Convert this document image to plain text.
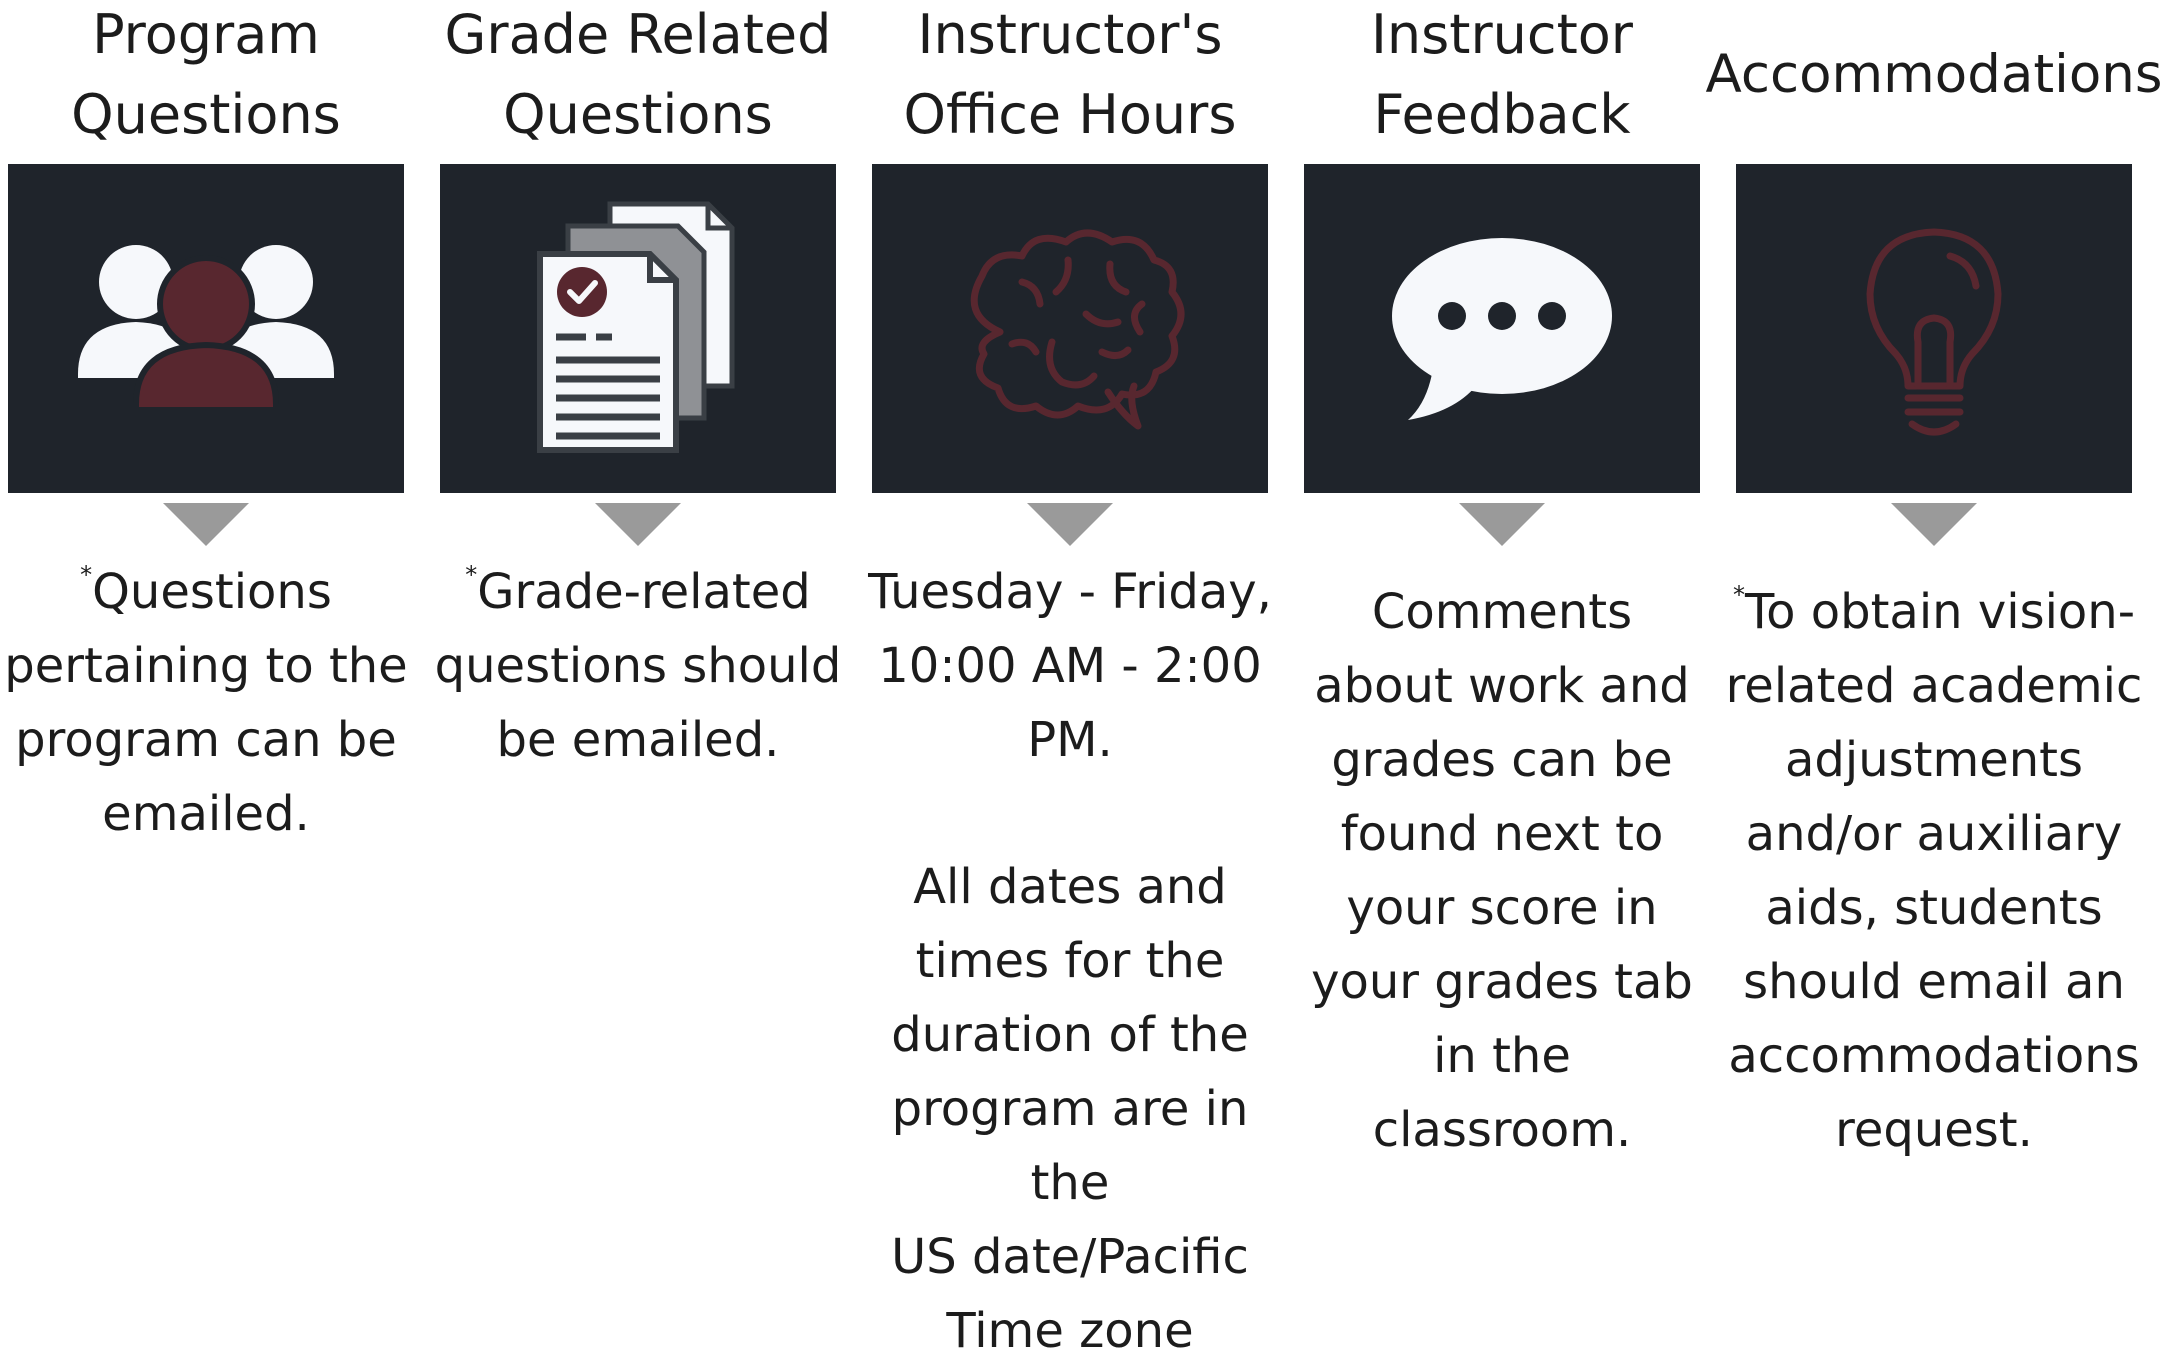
Program
Questions

*Questions
pertaining to the
program can be
emailed.

Grade Related
Questions

*Grade-related
questions should
be emailed.

Instructor's
Office Hours

Tuesday - Friday,
10:00 AM - 2:00
PM.

All dates and
times for the
duration of the
program are in the
US date/Pacific
Time zone

Instructor
Feedback

Comments
about work and
grades can be
found next to
your score in
your grades tab
in the
classroom.

Accommodations

*To obtain vision-
related academic
adjustments
and/or auxiliary
aids, students
should email an
accommodations
request.
